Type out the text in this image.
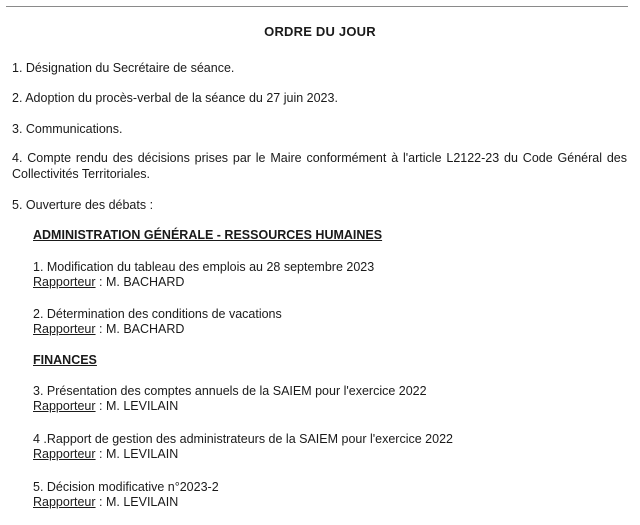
ORDRE DU JOUR
1. Désignation du Secrétaire de séance.
2. Adoption du procès-verbal de la séance du 27 juin 2023.
3. Communications.
4. Compte rendu des décisions prises par le Maire conformément à l'article L2122-23 du Code Général des Collectivités Territoriales.
5. Ouverture des débats :
ADMINISTRATION GÉNÉRALE - RESSOURCES HUMAINES
1. Modification du tableau des emplois au 28 septembre 2023
Rapporteur : M. BACHARD
2. Détermination des conditions de vacations
Rapporteur : M. BACHARD
FINANCES
3. Présentation des comptes annuels de la SAIEM pour l'exercice 2022
Rapporteur : M. LEVILAIN
4 .Rapport de gestion des administrateurs de la SAIEM pour l'exercice 2022
Rapporteur : M. LEVILAIN
5. Décision modificative n°2023-2
Rapporteur : M. LEVILAIN
